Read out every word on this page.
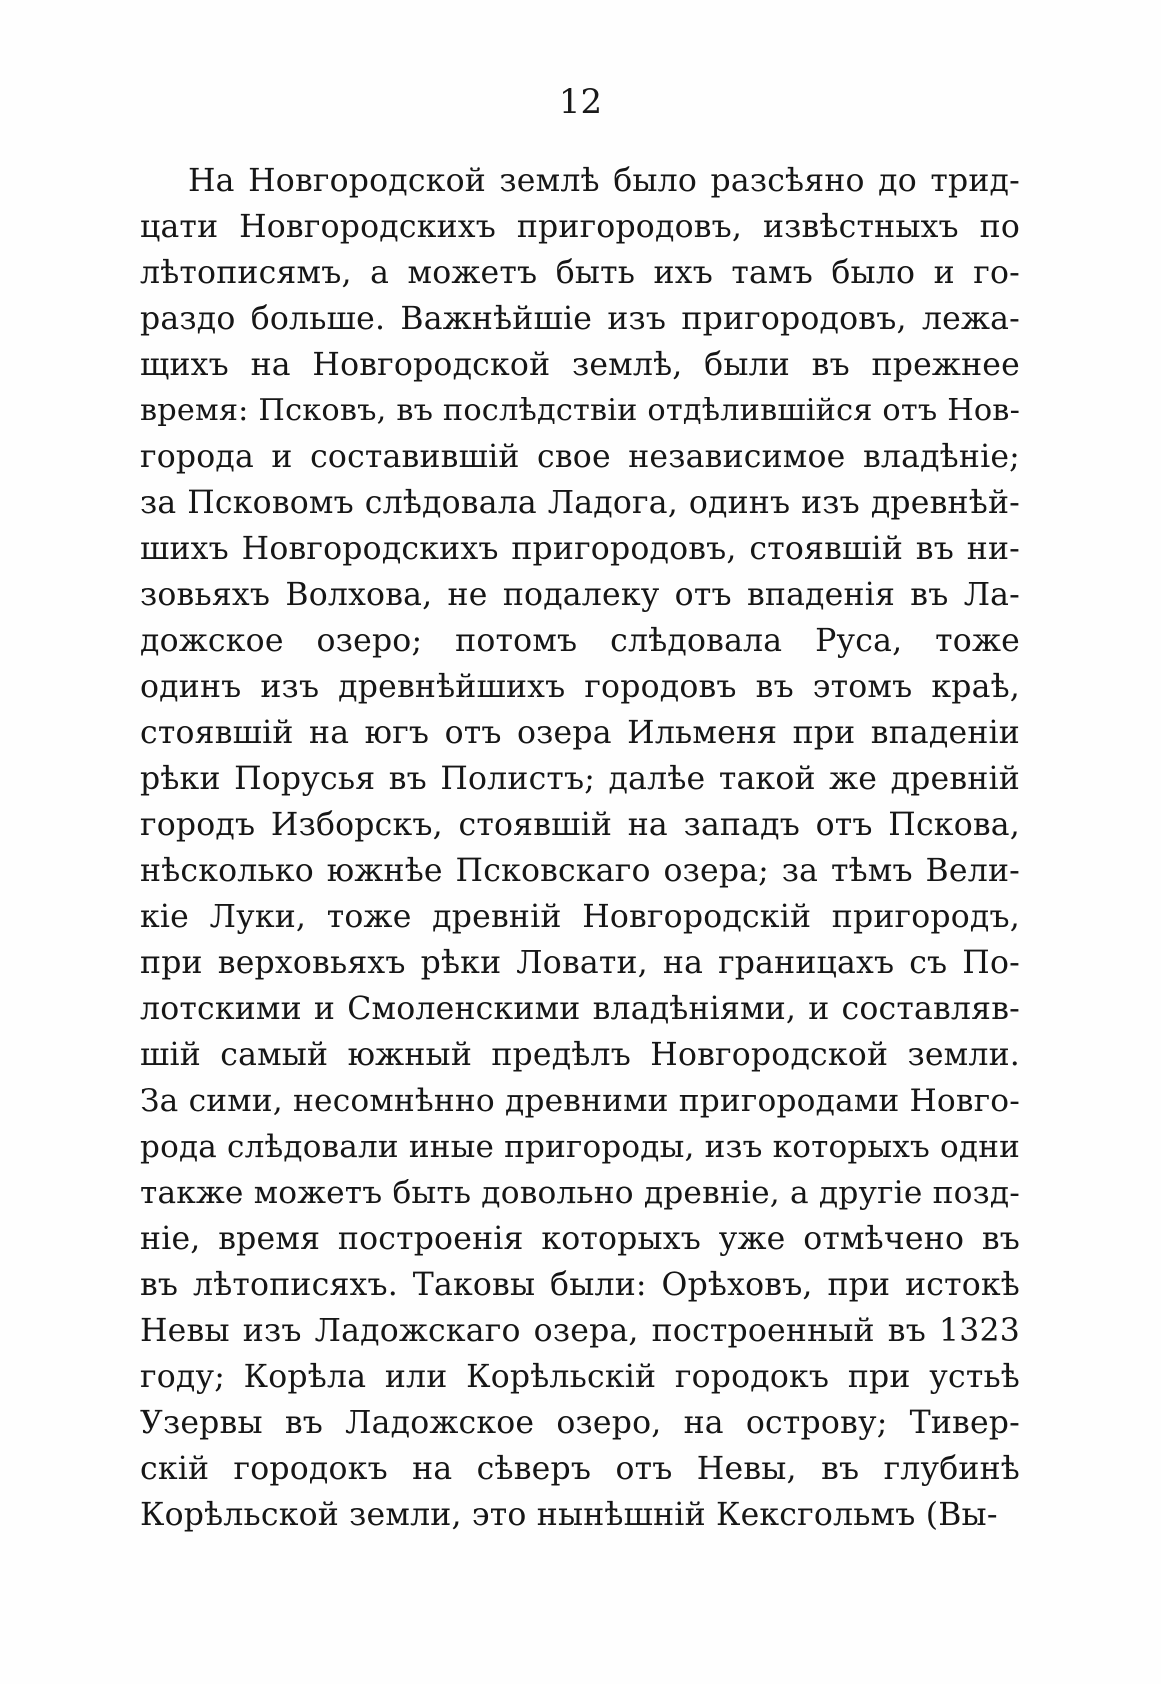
12
На Новгородской землѣ было разсѣяно до трид-
цати Новгородскихъ пригородовъ, извѣстныхъ по
лѣтописямъ, а можетъ быть ихъ тамъ было и го-
раздо больше. Важнѣйшіе изъ пригородовъ, лежа-
щихъ на Новгородской землѣ, были въ прежнее
время: Псковъ, въ послѣдствіи отдѣлившійся отъ Нов-
города и составившій свое независимое владѣніе;
за Псковомъ слѣдовала Ладога, одинъ изъ древнѣй-
шихъ Новгородскихъ пригородовъ, стоявшій въ ни-
зовьяхъ Волхова, не подалеку отъ впаденія въ Ла-
дожское озеро; потомъ слѣдовала Руса, тоже
одинъ изъ древнѣйшихъ городовъ въ этомъ краѣ,
стоявшій на югъ отъ озера Ильменя при впаденіи
рѣки Порусья въ Полистъ; далѣе такой же древній
городъ Изборскъ, стоявшій на западъ отъ Пскова,
нѣсколько южнѣе Псковскаго озера; за тѣмъ Вели-
кіе Луки, тоже древній Новгородскій пригородъ,
при верховьяхъ рѣки Ловати, на границахъ съ По-
лотскими и Смоленскими владѣніями, и составляв-
шій самый южный предѣлъ Новгородской земли.
За сими, несомнѣнно древними пригородами Новго-
рода слѣдовали иные пригороды, изъ которыхъ одни
также можетъ быть довольно древніе, а другіе позд-
ніе, время построенія которыхъ уже отмѣчено въ
въ лѣтописяхъ. Таковы были: Орѣховъ, при истокѣ
Невы изъ Ладожскаго озера, построенный въ 1323
году; Корѣла или Корѣльскій городокъ при устьѣ
Узервы въ Ладожское озеро, на острову; Тивер-
скій городокъ на сѣверъ отъ Невы, въ глубинѣ
Корѣльской земли, это нынѣшній Кексгольмъ (Вы-
